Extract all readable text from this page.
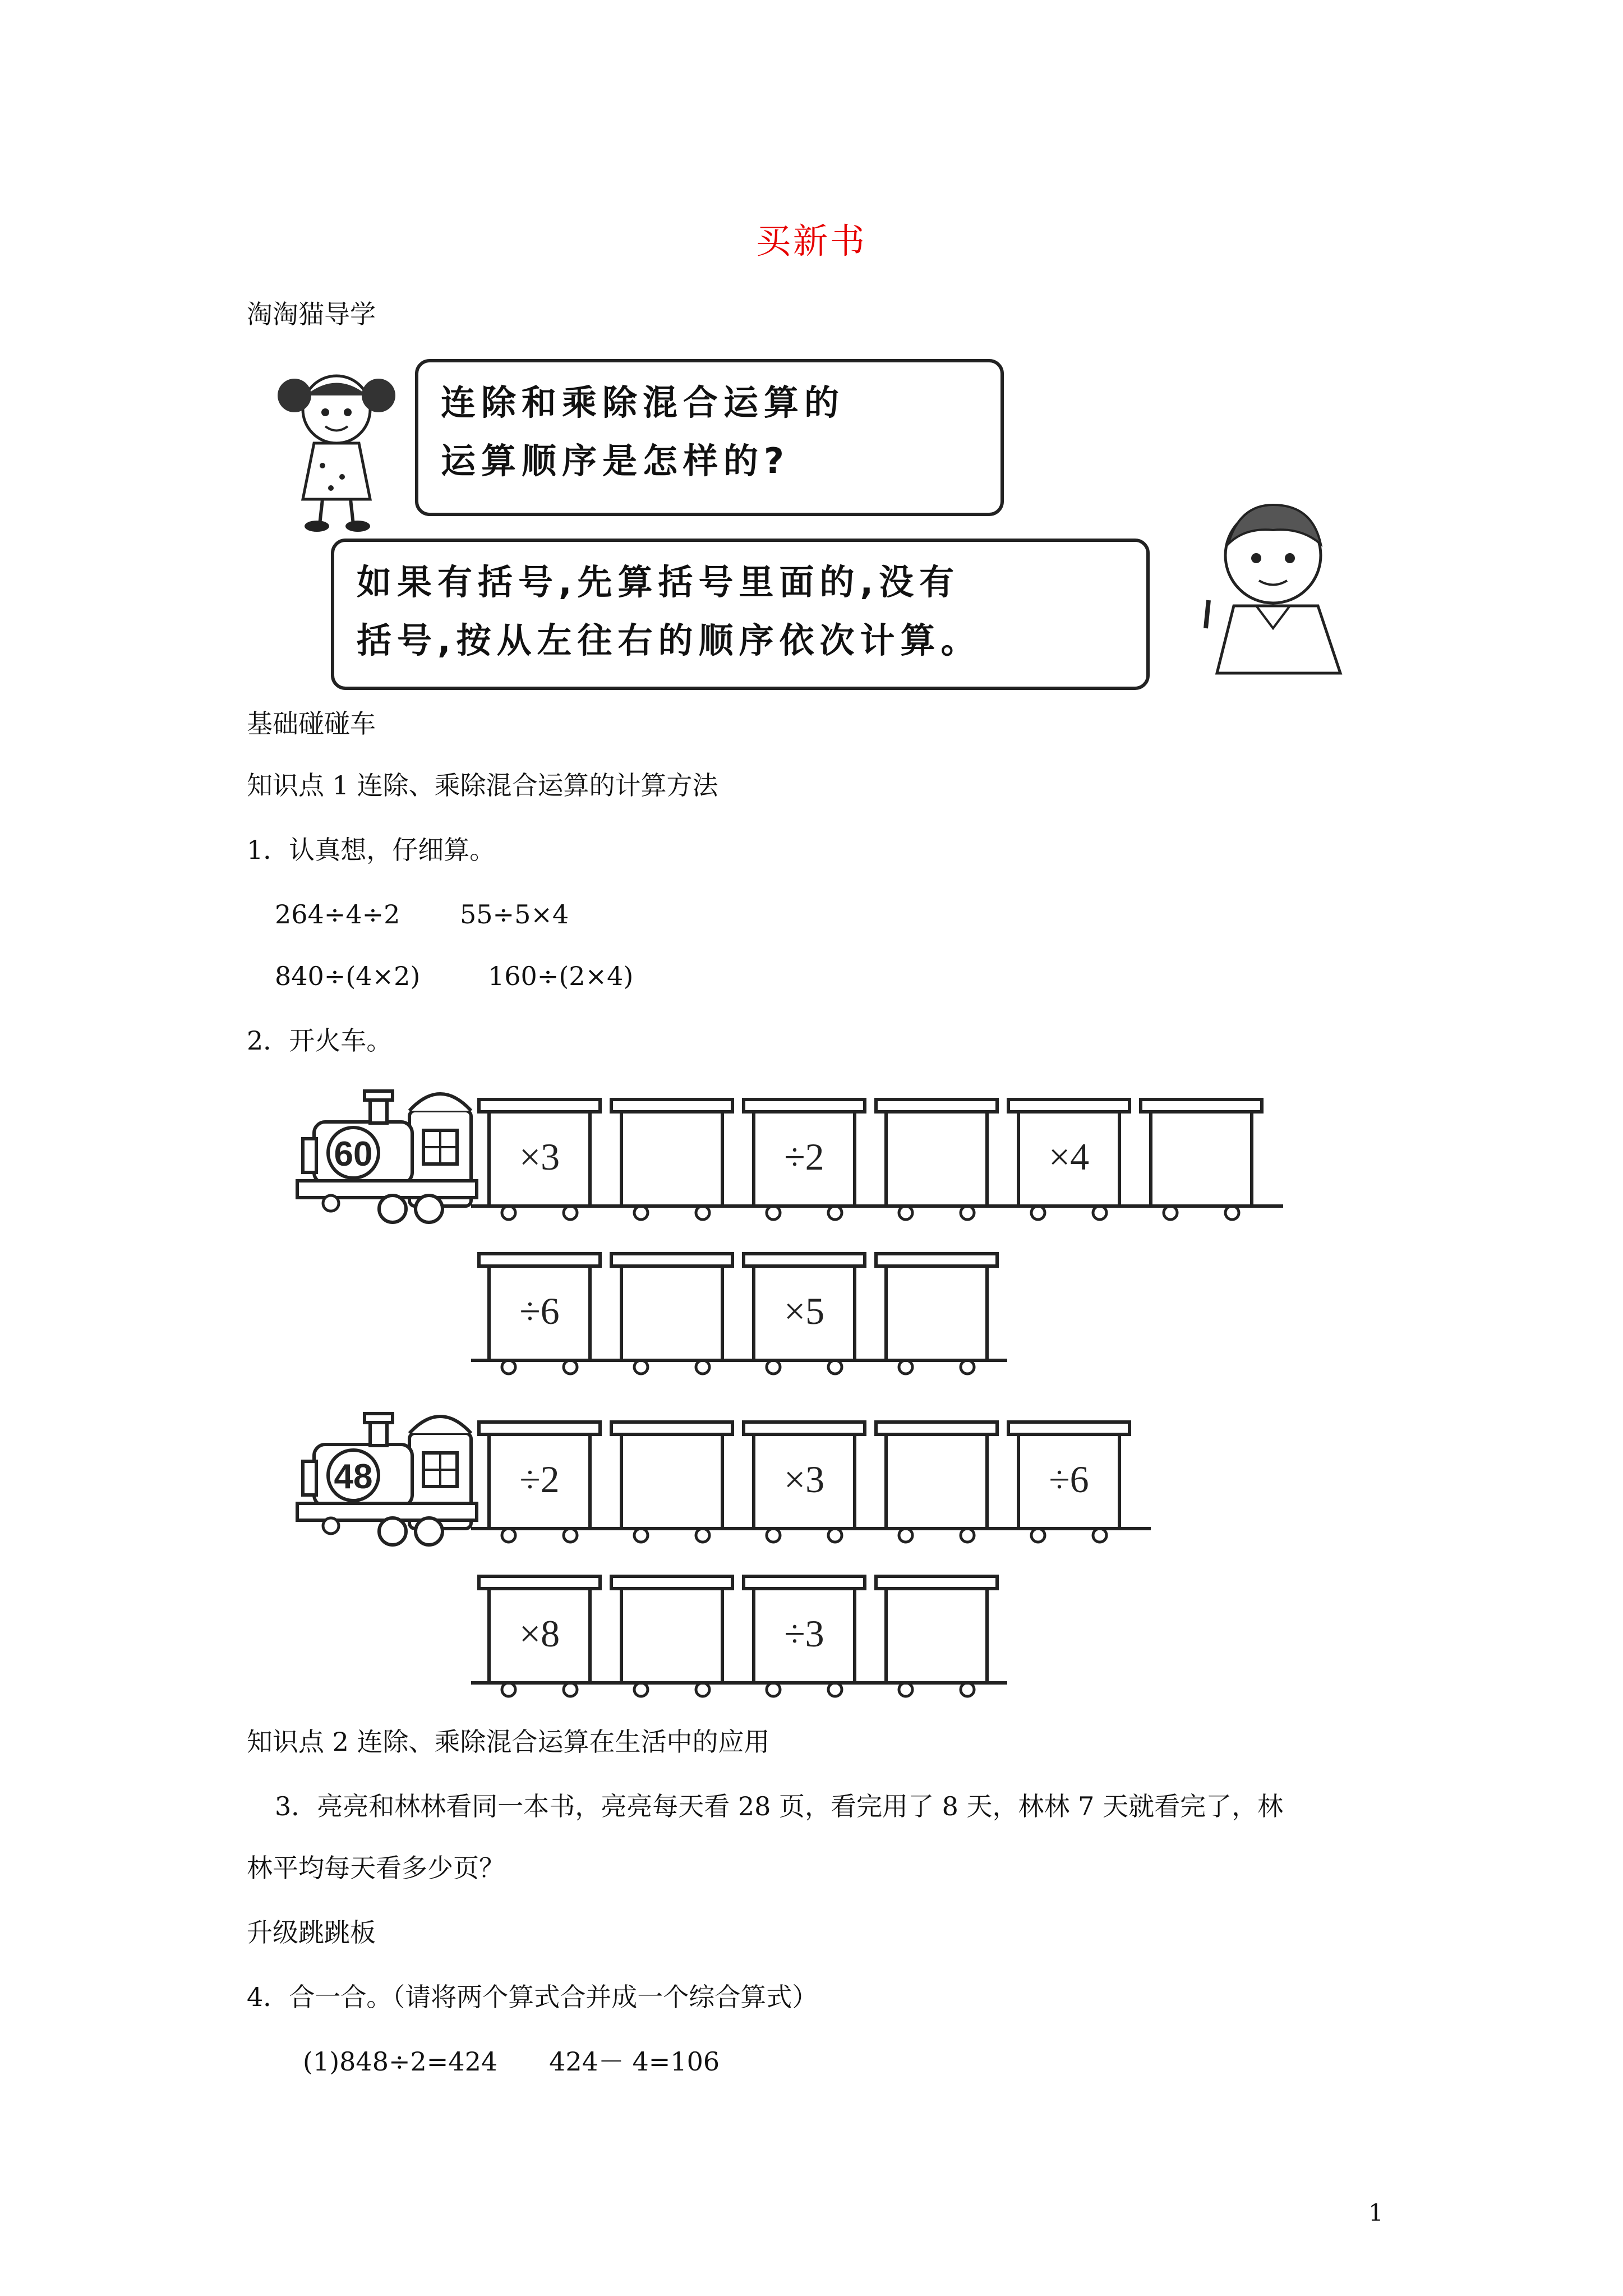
买新书
淘淘猫导学
连除和乘除混合运算的
运算顺序是怎样的?
如果有括号,先算括号里面的,没有
括号,按从左往右的顺序依次计算。
基础碰碰车
知识点 1 连除、乘除混合运算的计算方法
1．认真想，仔细算。
264÷4÷2 55÷5×4
840÷(4×2)	160÷(2×4)
2．开火车。
60	×3	÷2	×4
÷6	×5
48	÷2	×3	÷6
×8	÷3
知识点 2 连除、乘除混合运算在生活中的应用
3．亮亮和林林看同一本书，亮亮每天看 28 页，看完用了 8 天，林林 7 天就看完了，林
林平均每天看多少页？
升级跳跳板
4．合一合。（请将两个算式合并成一个综合算式）
(1)848÷2=424　　424－ 4=106
1
